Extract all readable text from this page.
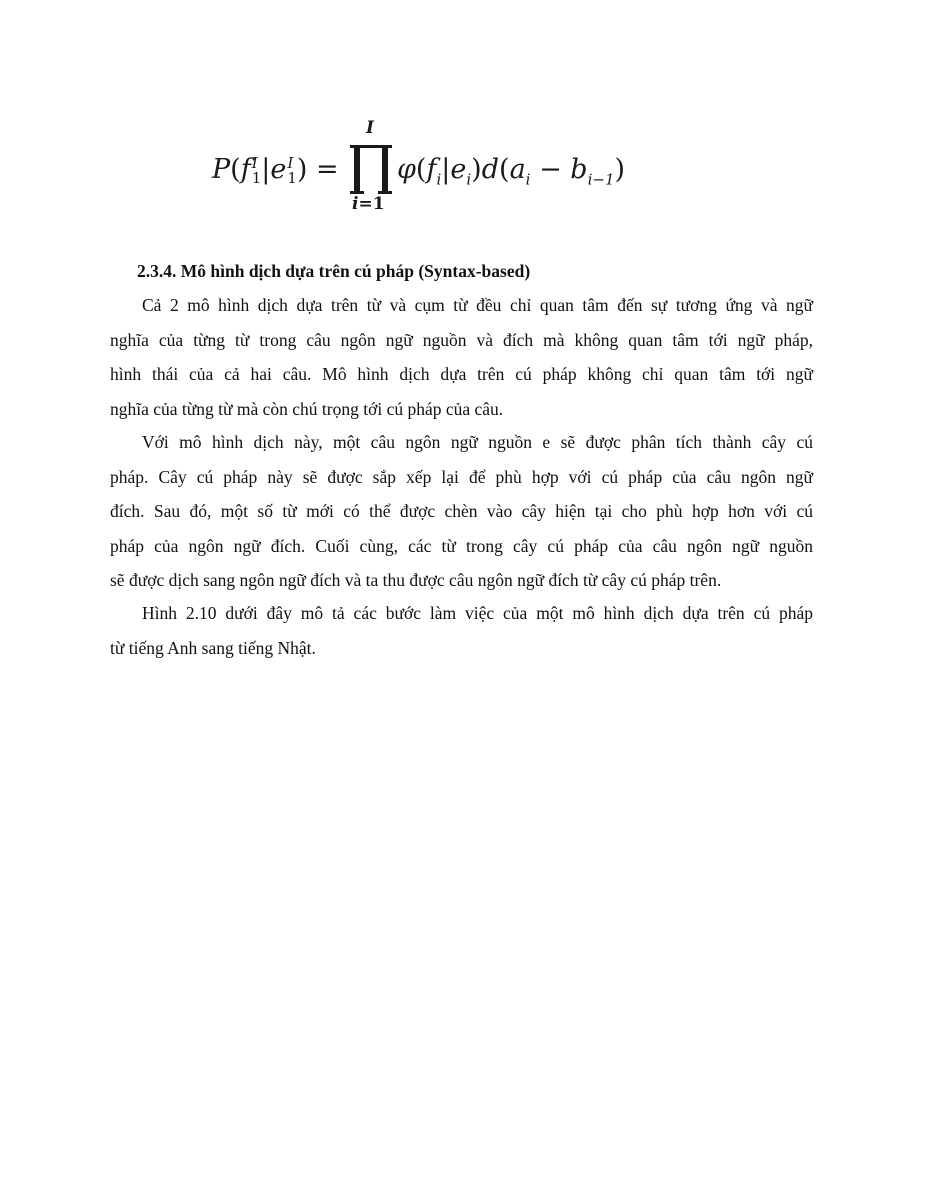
P(f I
1 |e I
1 ) =
I
i=1
$\varphi(f_i|e_i)d(a_i - b_{i-1})$
2.3.4. Mô hình dịch dựa trên cú pháp (Syntax-based)
Cả 2 mô hình dịch dựa trên từ và cụm từ đều chỉ quan tâm đến sự tương ứng và ngữ
nghĩa của từng từ trong câu ngôn ngữ nguồn và đích mà không quan tâm tới ngữ pháp,
hình thái của cả hai câu. Mô hình dịch dựa trên cú pháp không chỉ quan tâm tới ngữ
nghĩa của từng từ mà còn chú trọng tới cú pháp của câu.
Với mô hình dịch này, một câu ngôn ngữ nguồn e sẽ được phân tích thành cây cú
pháp. Cây cú pháp này sẽ được sắp xếp lại để phù hợp với cú pháp của câu ngôn ngữ
đích. Sau đó, một số từ mới có thể được chèn vào cây hiện tại cho phù hợp hơn với cú
pháp của ngôn ngữ đích. Cuối cùng, các từ trong cây cú pháp của câu ngôn ngữ nguồn
sẽ được dịch sang ngôn ngữ đích và ta thu được câu ngôn ngữ đích từ cây cú pháp trên.
Hình 2.10 dưới đây mô tả các bước làm việc của một mô hình dịch dựa trên cú pháp
từ tiếng Anh sang tiếng Nhật.
